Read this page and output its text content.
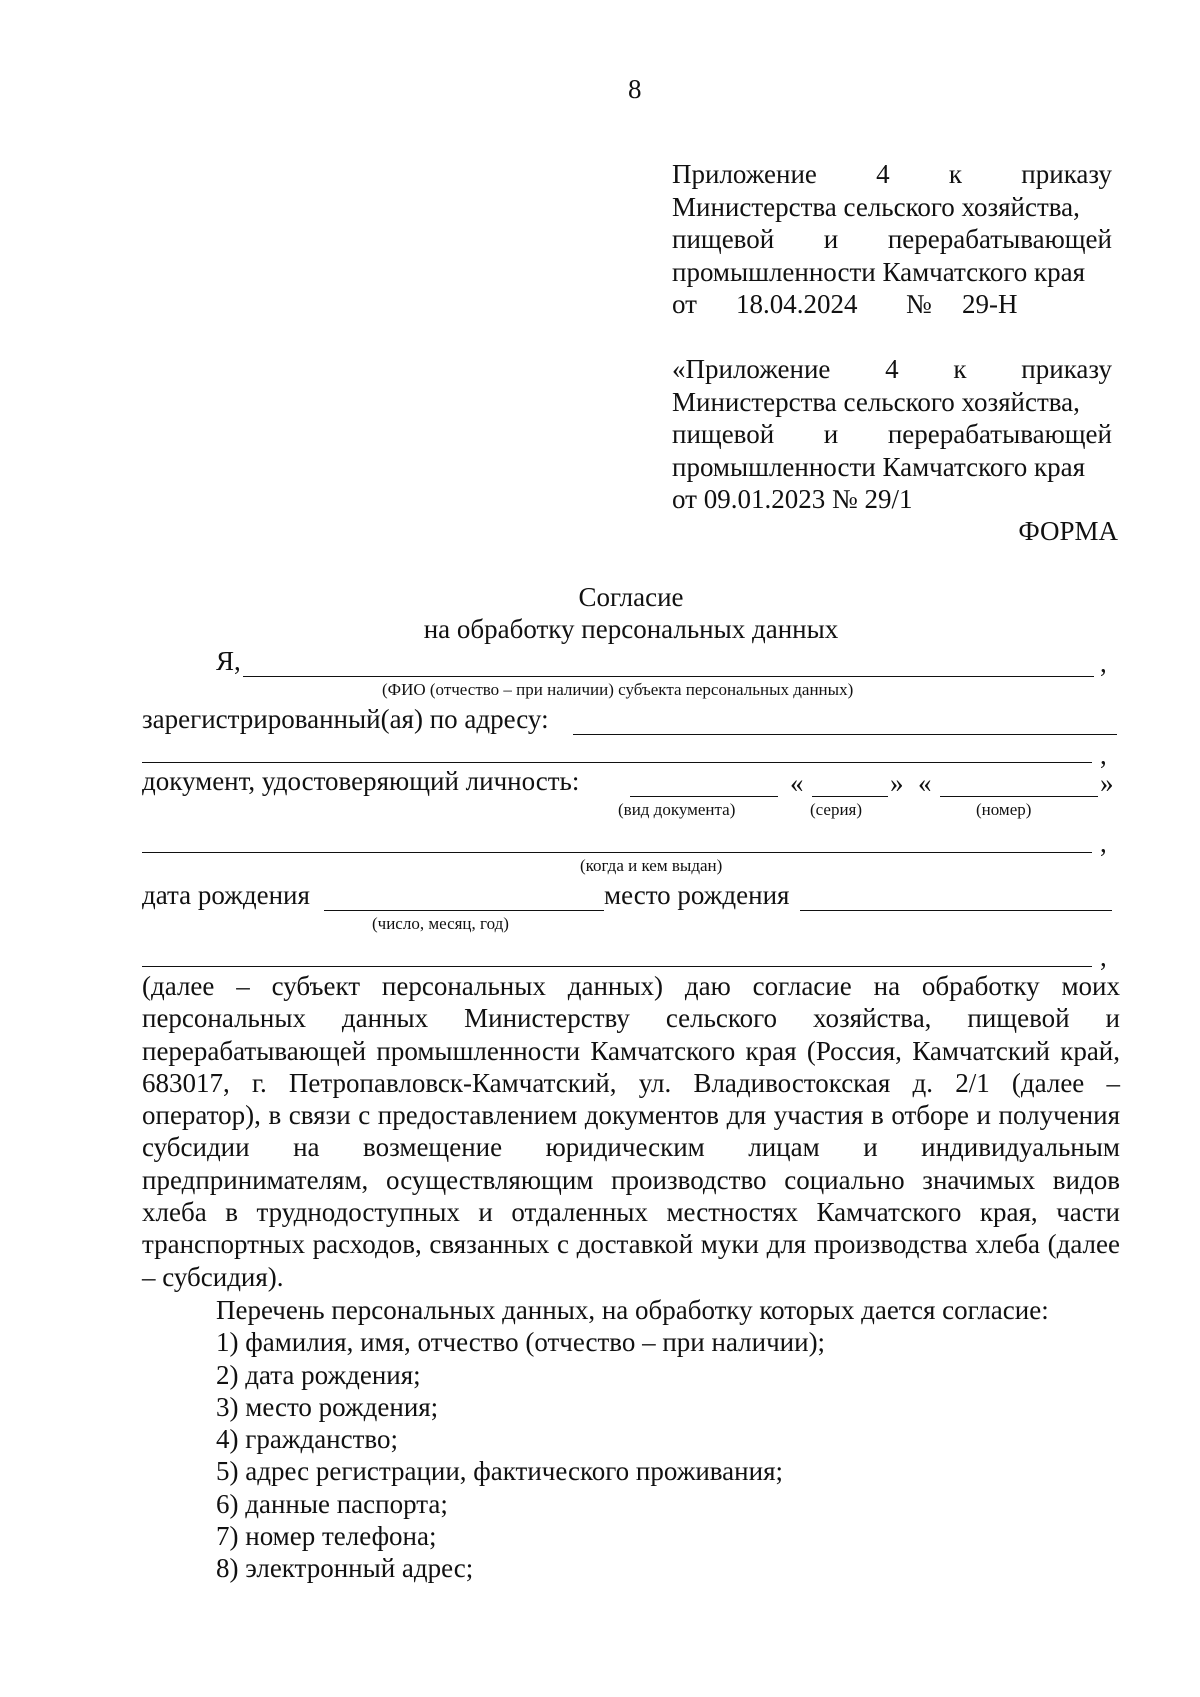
8
Приложение 4 к приказу
Министерства сельского хозяйства,
пищевой и перерабатывающей
промышленности Камчатского края
от 18.04.2024 № 29-Н
«Приложение 4 к приказу
Министерства сельского хозяйства,
пищевой и перерабатывающей
промышленности Камчатского края
от 09.01.2023 № 29/1
ФОРМА
Согласие
на обработку персональных данных
Я,	,
(ФИО (отчество – при наличии) субъекта персональных данных)
зарегистрированный(ая) по адресу:
,
документ, удостоверяющий личность:	«	» «	»
(вид документа)	(серия)	(номер)
,
(когда и кем выдан)
дата рождения	место рождения
(число, месяц, год)
,
(далее – субъект персональных данных) даю согласие на обработку моих персональных данных Министерству сельского хозяйства, пищевой и перерабатывающей промышленности Камчатского края (Россия, Камчатский край, 683017, г. Петропавловск-Камчатский, ул. Владивостокская д. 2/1 (далее – оператор), в связи с предоставлением документов для участия в отборе и получения субсидии на возмещение юридическим лицам и индивидуальным предпринимателям, осуществляющим производство социально значимых видов хлеба в труднодоступных и отдаленных местностях Камчатского края, части транспортных расходов, связанных с доставкой муки для производства хлеба (далее – субсидия).
Перечень персональных данных, на обработку которых дается согласие:
1) фамилия, имя, отчество (отчество – при наличии);
2) дата рождения;
3) место рождения;
4) гражданство;
5) адрес регистрации, фактического проживания;
6) данные паспорта;
7) номер телефона;
8) электронный адрес;
